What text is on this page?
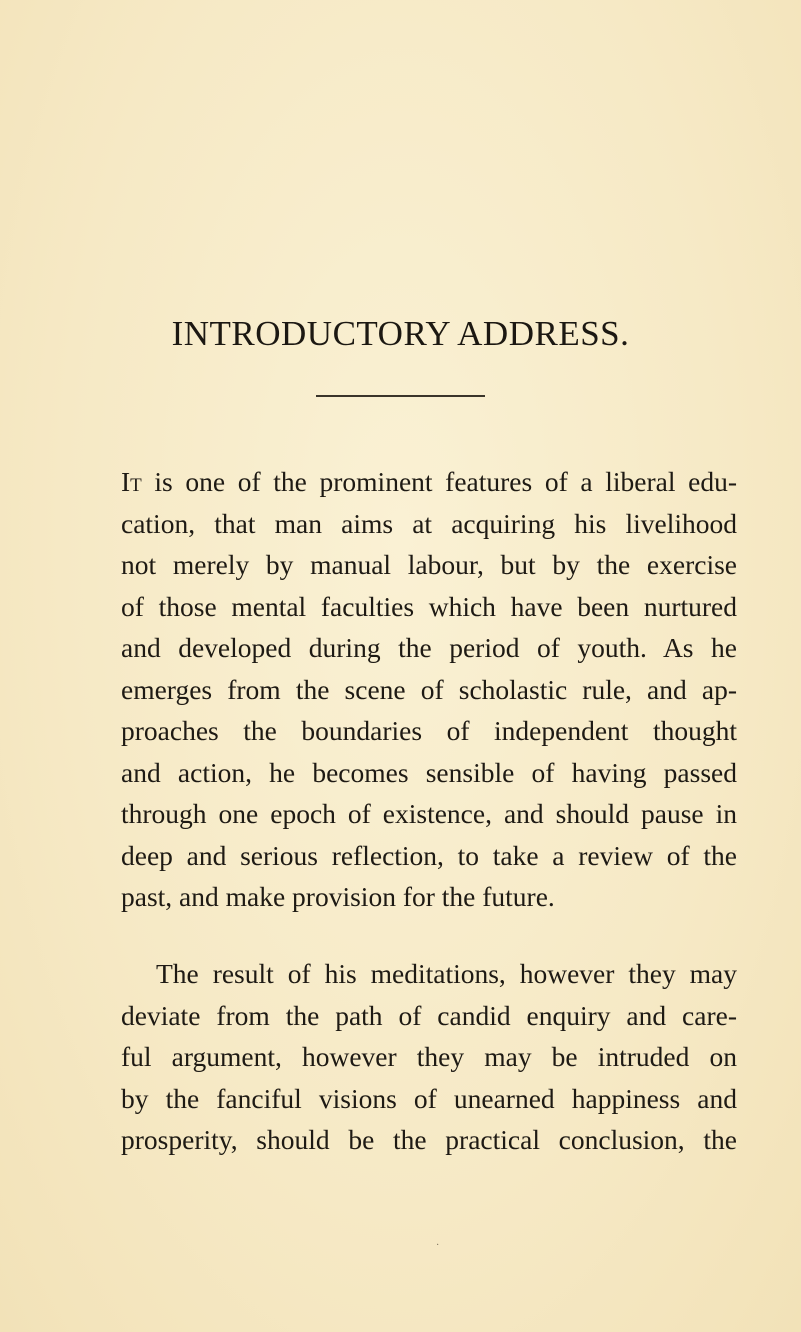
INTRODUCTORY ADDRESS.
It is one of the prominent features of a liberal edu-
cation, that man aims at acquiring his livelihood
not merely by manual labour, but by the exercise
of those mental faculties which have been nurtured
and developed during the period of youth. As he
emerges from the scene of scholastic rule, and ap-
proaches the boundaries of independent thought
and action, he becomes sensible of having passed
through one epoch of existence, and should pause in
deep and serious reflection, to take a review of the
past, and make provision for the future.
The result of his meditations, however they may
deviate from the path of candid enquiry and care-
ful argument, however they may be intruded on
by the fanciful visions of unearned happiness and
prosperity, should be the practical conclusion, the
·
